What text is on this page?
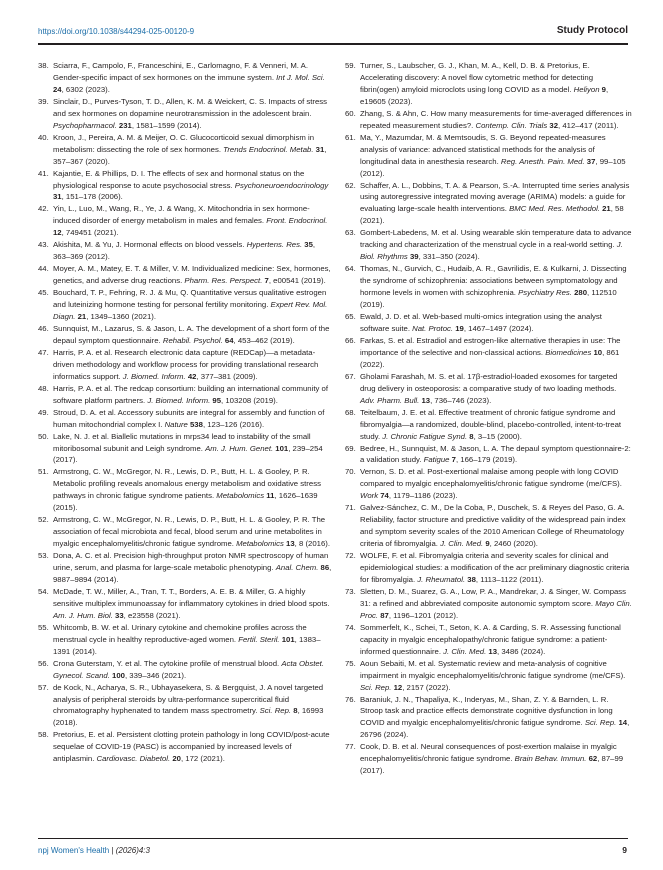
https://doi.org/10.1038/s44294-025-00120-9	Study Protocol

38. Sciarra, F., Campolo, F., Franceschini, E., Carlomagno, F. & Venneri, M. A. Gender-specific impact of sex hormones on the immune system. Int J. Mol. Sci. 24, 6302 (2023).

39. Sinclair, D., Purves-Tyson, T. D., Allen, K. M. & Weickert, C. S. Impacts of stress and sex hormones on dopamine neurotransmission in the adolescent brain. Psychopharmacol. 231, 1581–1599 (2014).

40. Kroon, J., Pereira, A. M. & Meijer, O. C. Glucocorticoid sexual dimorphism in metabolism: dissecting the role of sex hormones. Trends Endocrinol. Metab. 31, 357–367 (2020).

41. Kajantie, E. & Phillips, D. I. The effects of sex and hormonal status on the physiological response to acute psychosocial stress. Psychoneuroendocrinology 31, 151–178 (2006).

42. Yin, L., Luo, M., Wang, R., Ye, J. & Wang, X. Mitochondria in sex hormone-induced disorder of energy metabolism in males and females. Front. Endocrinol. 12, 749451 (2021).

43. Akishita, M. & Yu, J. Hormonal effects on blood vessels. Hypertens. Res. 35, 363–369 (2012).

44. Moyer, A. M., Matey, E. T. & Miller, V. M. Individualized medicine: Sex, hormones, genetics, and adverse drug reactions. Pharm. Res. Perspect. 7, e00541 (2019).

45. Bouchard, T. P., Fehring, R. J. & Mu, Q. Quantitative versus qualitative estrogen and luteinizing hormone testing for personal fertility monitoring. Expert Rev. Mol. Diagn. 21, 1349–1360 (2021).

46. Sunnquist, M., Lazarus, S. & Jason, L. A. The development of a short form of the depaul symptom questionnaire. Rehabil. Psychol. 64, 453–462 (2019).

47. Harris, P. A. et al. Research electronic data capture (REDCap)—a metadata-driven methodology and workflow process for providing translational research informatics support. J. Biomed. Inform. 42, 377–381 (2009).

48. Harris, P. A. et al. The redcap consortium: building an international community of software platform partners. J. Biomed. Inform. 95, 103208 (2019).

49. Stroud, D. A. et al. Accessory subunits are integral for assembly and function of human mitochondrial complex I. Nature 538, 123–126 (2016).

50. Lake, N. J. et al. Biallelic mutations in mrps34 lead to instability of the small mitoribosomal subunit and Leigh syndrome. Am. J. Hum. Genet. 101, 239–254 (2017).

51. Armstrong, C. W., McGregor, N. R., Lewis, D. P., Butt, H. L. & Gooley, P. R. Metabolic profiling reveals anomalous energy metabolism and oxidative stress pathways in chronic fatigue syndrome patients. Metabolomics 11, 1626–1639 (2015).

52. Armstrong, C. W., McGregor, N. R., Lewis, D. P., Butt, H. L. & Gooley, P. R. The association of fecal microbiota and fecal, blood serum and urine metabolites in myalgic encephalomyelitis/chronic fatigue syndrome. Metabolomics 13, 8 (2016).

53. Dona, A. C. et al. Precision high-throughput proton NMR spectroscopy of human urine, serum, and plasma for large-scale metabolic phenotyping. Anal. Chem. 86, 9887–9894 (2014).

54. McDade, T. W., Miller, A., Tran, T. T., Borders, A. E. B. & Miller, G. A highly sensitive multiplex immunoassay for inflammatory cytokines in dried blood spots. Am. J. Hum. Biol. 33, e23558 (2021).

55. Whitcomb, B. W. et al. Urinary cytokine and chemokine profiles across the menstrual cycle in healthy reproductive-aged women. Fertil. Steril. 101, 1383–1391 (2014).

56. Crona Guterstam, Y. et al. The cytokine profile of menstrual blood. Acta Obstet. Gynecol. Scand. 100, 339–346 (2021).

57. de Kock, N., Acharya, S. R., Ubhayasekera, S. & Bergquist, J. A novel targeted analysis of peripheral steroids by ultra-performance supercritical fluid chromatography hyphenated to tandem mass spectrometry. Sci. Rep. 8, 16993 (2018).

58. Pretorius, E. et al. Persistent clotting protein pathology in long COVID/post-acute sequelae of COVID-19 (PASC) is accompanied by increased levels of antiplasmin. Cardiovasc. Diabetol. 20, 172 (2021).

59. Turner, S., Laubscher, G. J., Khan, M. A., Kell, D. B. & Pretorius, E. Accelerating discovery: A novel flow cytometric method for detecting fibrin(ogen) amyloid microclots using long COVID as a model. Heliyon 9, e19605 (2023).

60. Zhang, S. & Ahn, C. How many measurements for time-averaged differences in repeated measurement studies?. Contemp. Clin. Trials 32, 412–417 (2011).

61. Ma, Y., Mazumdar, M. & Memtsoudis, S. G. Beyond repeated-measures analysis of variance: advanced statistical methods for the analysis of longitudinal data in anesthesia research. Reg. Anesth. Pain. Med. 37, 99–105 (2012).

62. Schaffer, A. L., Dobbins, T. A. & Pearson, S.-A. Interrupted time series analysis using autoregressive integrated moving average (ARIMA) models: a guide for evaluating large-scale health interventions. BMC Med. Res. Methodol. 21, 58 (2021).

63. Gombert-Labedens, M. et al. Using wearable skin temperature data to advance tracking and characterization of the menstrual cycle in a real-world setting. J. Biol. Rhythms 39, 331–350 (2024).

64. Thomas, N., Gurvich, C., Hudaib, A. R., Gavrilidis, E. & Kulkarni, J. Dissecting the syndrome of schizophrenia: associations between symptomatology and hormone levels in women with schizophrenia. Psychiatry Res. 280, 112510 (2019).

65. Ewald, J. D. et al. Web-based multi-omics integration using the analyst software suite. Nat. Protoc. 19, 1467–1497 (2024).

66. Farkas, S. et al. Estradiol and estrogen-like alternative therapies in use: The importance of the selective and non-classical actions. Biomedicines 10, 861 (2022).

67. Gholami Farashah, M. S. et al. 17β-estradiol-loaded exosomes for targeted drug delivery in osteoporosis: a comparative study of two loading methods. Adv. Pharm. Bull. 13, 736–746 (2023).

68. Teitelbaum, J. E. et al. Effective treatment of chronic fatigue syndrome and fibromyalgia—a randomized, double-blind, placebo-controlled, intent-to-treat study. J. Chronic Fatigue Synd. 8, 3–15 (2000).

69. Bedree, H., Sunnquist, M. & Jason, L. A. The depaul symptom questionnaire-2: a validation study. Fatigue 7, 166–179 (2019).

70. Vernon, S. D. et al. Post-exertional malaise among people with long COVID compared to myalgic encephalomyelitis/chronic fatigue syndrome (me/CFS). Work 74, 1179–1186 (2023).

71. Galvez-Sánchez, C. M., De la Coba, P., Duschek, S. & Reyes del Paso, G. A. Reliability, factor structure and predictive validity of the widespread pain index and symptom severity scales of the 2010 American College of Rheumatology criteria of fibromyalgia. J. Clin. Med. 9, 2460 (2020).

72. WOLFE, F. et al. Fibromyalgia criteria and severity scales for clinical and epidemiological studies: a modification of the acr preliminary diagnostic criteria for fibromyalgia. J. Rheumatol. 38, 1113–1122 (2011).

73. Sletten, D. M., Suarez, G. A., Low, P. A., Mandrekar, J. & Singer, W. Compass 31: a refined and abbreviated composite autonomic symptom score. Mayo Clin. Proc. 87, 1196–1201 (2012).

74. Sommerfelt, K., Schei, T., Seton, K. A. & Carding, S. R. Assessing functional capacity in myalgic encephalopathy/chronic fatigue syndrome: a patient-informed questionnaire. J. Clin. Med. 13, 3486 (2024).

75. Aoun Sebaiti, M. et al. Systematic review and meta-analysis of cognitive impairment in myalgic encephalomyelitis/chronic fatigue syndrome (me/CFS). Sci. Rep. 12, 2157 (2022).

76. Baraniuk, J. N., Thapaliya, K., Inderyas, M., Shan, Z. Y. & Barnden, L. R. Stroop task and practice effects demonstrate cognitive dysfunction in long COVID and myalgic encephalomyelitis/chronic fatigue syndrome. Sci. Rep. 14, 26796 (2024).

77. Cook, D. B. et al. Neural consequences of post-exertion malaise in myalgic encephalomyelitis/chronic fatigue syndrome. Brain Behav. Immun. 62, 87–99 (2017).

npj Women's Health | (2026)4:3	9
